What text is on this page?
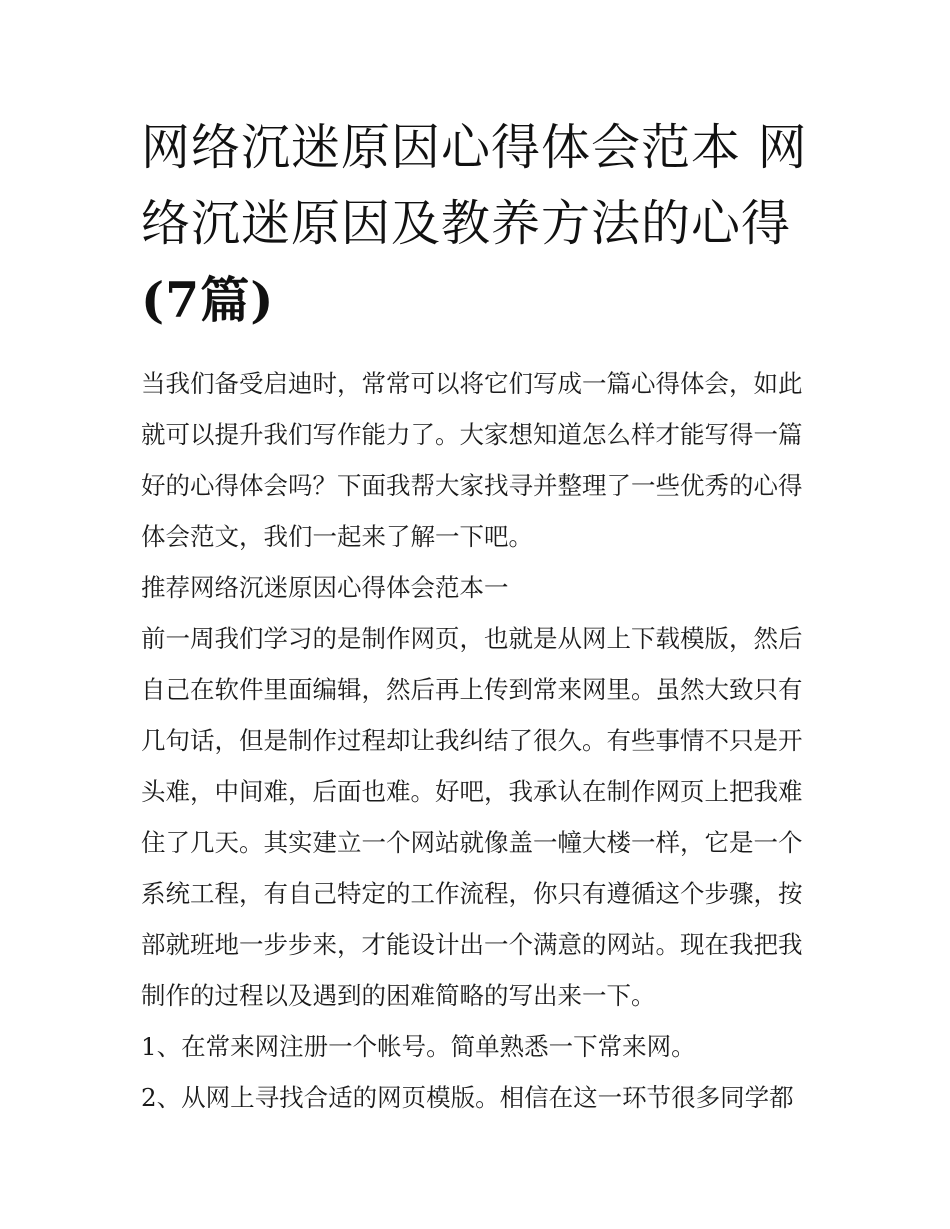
网络沉迷原因心得体会范本 网络沉迷原因及教养方法的心得
(7篇)

当我们备受启迪时，常常可以将它们写成一篇心得体会，如此就可以提升我们写作能力了。大家想知道怎么样才能写得一篇好的心得体会吗？下面我帮大家找寻并整理了一些优秀的心得体会范文，我们一起来了解一下吧。

推荐网络沉迷原因心得体会范本一

前一周我们学习的是制作网页，也就是从网上下载模版，然后自己在软件里面编辑，然后再上传到常来网里。虽然大致只有几句话，但是制作过程却让我纠结了很久。有些事情不只是开头难，中间难，后面也难。好吧，我承认在制作网页上把我难住了几天。其实建立一个网站就像盖一幢大楼一样，它是一个系统工程，有自己特定的工作流程，你只有遵循这个步骤，按部就班地一步步来，才能设计出一个满意的网站。现在我把我制作的过程以及遇到的困难简略的写出来一下。

1、在常来网注册一个帐号。简单熟悉一下常来网。

2、从网上寻找合适的网页模版。相信在这一环节很多同学都
